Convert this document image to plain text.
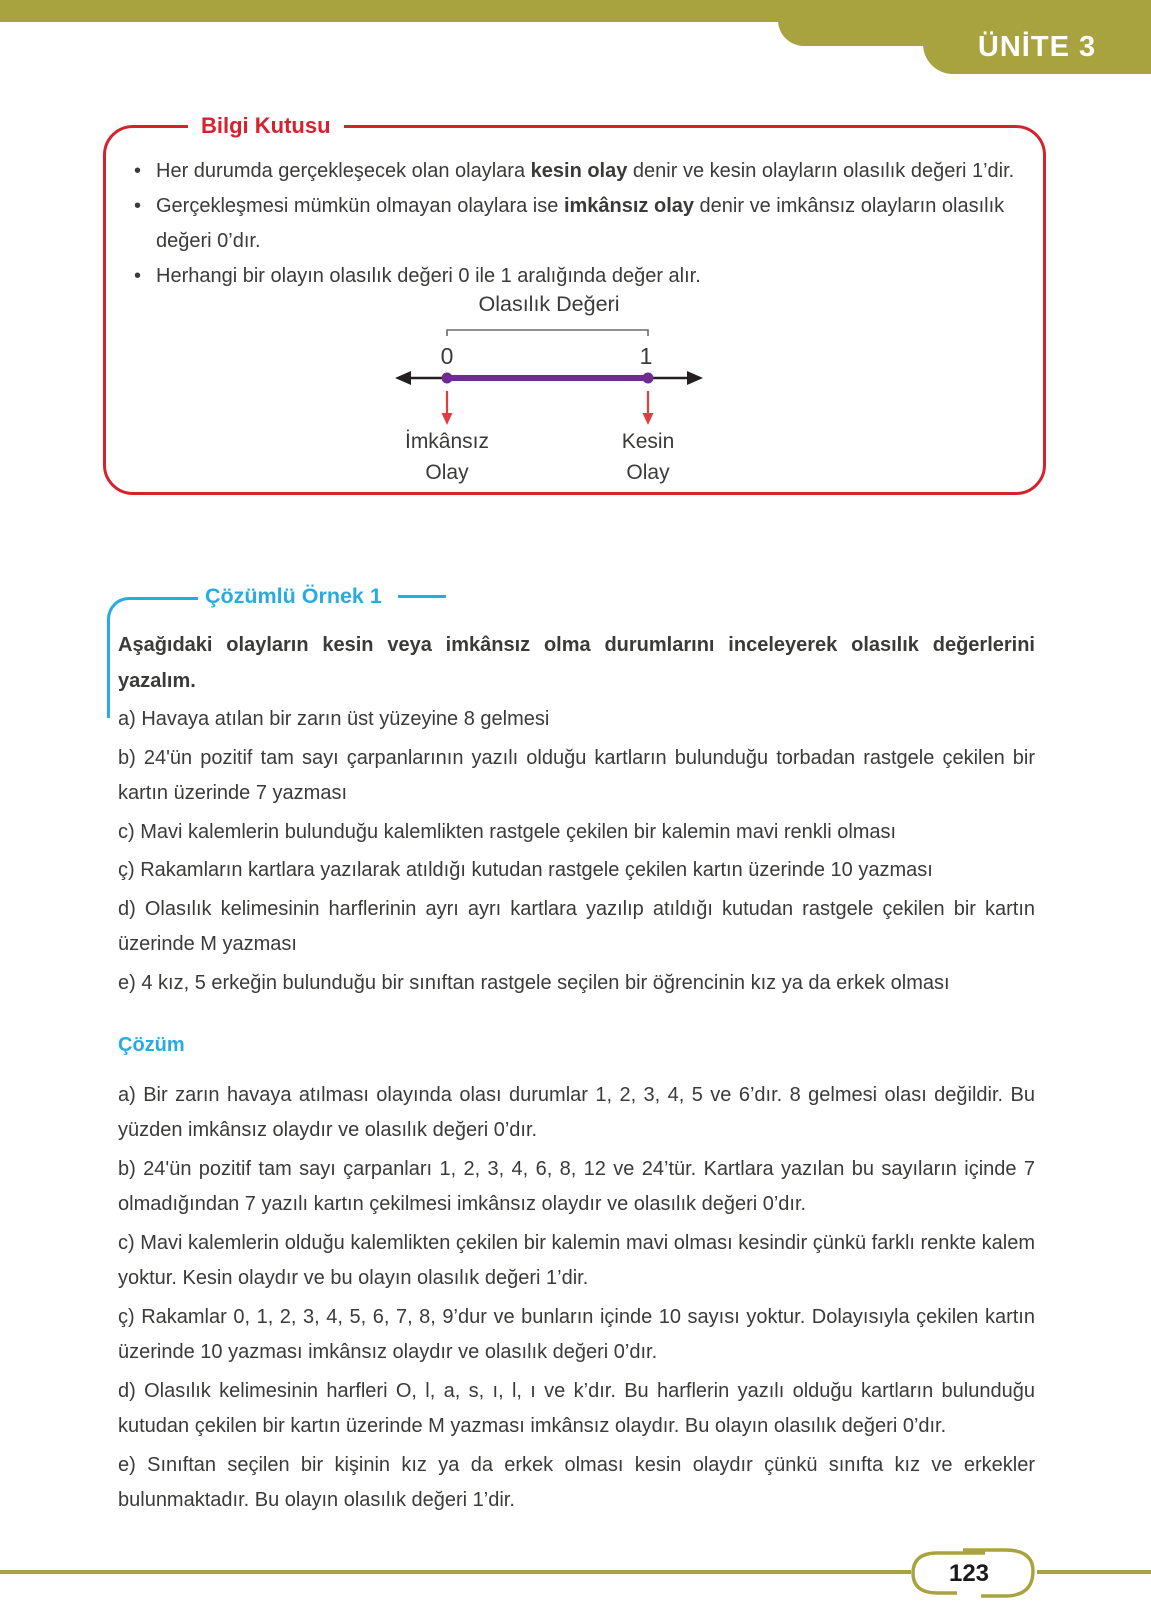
ÜNİTE 3
Bilgi Kutusu
• Her durumda gerçekleşecek olan olaylara kesin olay denir ve kesin olayların olasılık değeri 1’dir.
• Gerçekleşmesi mümkün olmayan olaylara ise imkânsız olay denir ve imkânsız olayların olasılık değeri 0’dır.
• Herhangi bir olayın olasılık değeri 0 ile 1 aralığında değer alır.
Olasılık Değeri
0	1
İmkânsız
Olay
Kesin
Olay
Çözümlü Örnek 1

Aşağıdaki olayların kesin veya imkânsız olma durumlarını inceleyerek olasılık değerlerini yazalım.

a) Havaya atılan bir zarın üst yüzeyine 8 gelmesi

b) 24'ün pozitif tam sayı çarpanlarının yazılı olduğu kartların bulunduğu torbadan rastgele çekilen bir kartın üzerinde 7 yazması

c) Mavi kalemlerin bulunduğu kalemlikten rastgele çekilen bir kalemin mavi renkli olması

ç) Rakamların kartlara yazılarak atıldığı kutudan rastgele çekilen kartın üzerinde 10 yazması

d) Olasılık kelimesinin harflerinin ayrı ayrı kartlara yazılıp atıldığı kutudan rastgele çekilen bir kartın üzerinde M yazması

e) 4 kız, 5 erkeğin bulunduğu bir sınıftan rastgele seçilen bir öğrencinin kız ya da erkek olması

Çözüm

a) Bir zarın havaya atılması olayında olası durumlar 1, 2, 3, 4, 5 ve 6’dır. 8 gelmesi olası değildir. Bu yüzden imkânsız olaydır ve olasılık değeri 0’dır.

b) 24'ün pozitif tam sayı çarpanları 1, 2, 3, 4, 6, 8, 12 ve 24’tür. Kartlara yazılan bu sayıların içinde 7 olmadığından 7 yazılı kartın çekilmesi imkânsız olaydır ve olasılık değeri 0’dır.

c) Mavi kalemlerin olduğu kalemlikten çekilen bir kalemin mavi olması kesindir çünkü farklı renkte kalem yoktur. Kesin olaydır ve bu olayın olasılık değeri 1’dir.

ç) Rakamlar 0, 1, 2, 3, 4, 5, 6, 7, 8, 9’dur ve bunların içinde 10 sayısı yoktur. Dolayısıyla çekilen kartın üzerinde 10 yazması imkânsız olaydır ve olasılık değeri 0’dır.

d) Olasılık kelimesinin harfleri O, l, a, s, ı, l, ı ve k’dır. Bu harflerin yazılı olduğu kartların bulunduğu kutudan çekilen bir kartın üzerinde M yazması imkânsız olaydır. Bu olayın olasılık değeri 0’dır.

e) Sınıftan seçilen bir kişinin kız ya da erkek olması kesin olaydır çünkü sınıfta kız ve erkekler bulunmaktadır. Bu olayın olasılık değeri 1’dir.

123
